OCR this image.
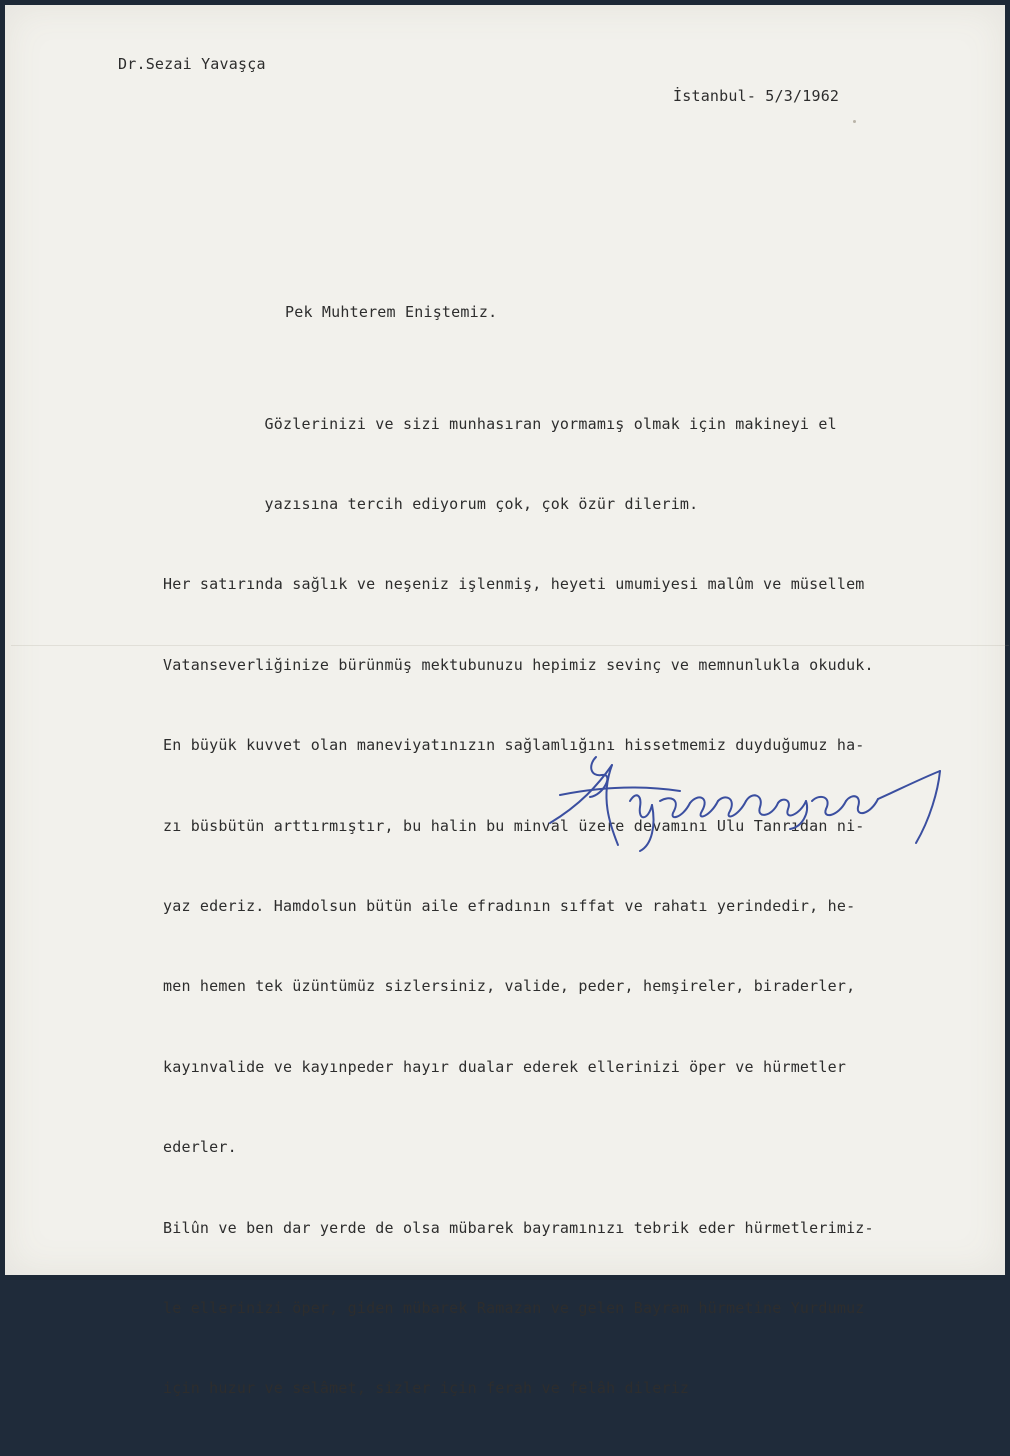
Dr.Sezai Yavaşça

İstanbul- 5/3/1962

Pek Muhterem Eniştemiz.

Gözlerinizi ve sizi munhasıran yormamış olmak için makineyi el

yazısına tercih ediyorum çok, çok özür dilerim.

Her satırında sağlık ve neşeniz işlenmiş, heyeti umumiyesi malûm ve müsellem

Vatanseverliğinize bürünmüş mektubunuzu hepimiz sevinç ve memnunlukla okuduk.

En büyük kuvvet olan maneviyatınızın sağlamlığını hissetmemiz duyduğumuz ha-

zı büsbütün arttırmıştır, bu halin bu minval üzere devamını Ulu Tanrıdan ni-

yaz ederiz. Hamdolsun bütün aile efradının sıffat ve rahatı yerindedir, he-

men hemen tek üzüntümüz sizlersiniz, valide, peder, hemşireler, biraderler,

kayınvalide ve kayınpeder hayır dualar ederek ellerinizi öper ve hürmetler

ederler.

Bilûn ve ben dar yerde de olsa mübarek bayramınızı tebrik eder hürmetlerimiz-

le ellerinizi öper, giden mübarek Ramazan ve gelen Bayram hürmetine Yurdumuz

için huzur ve selâmet, sizler için ferah ve felâh dileriz
